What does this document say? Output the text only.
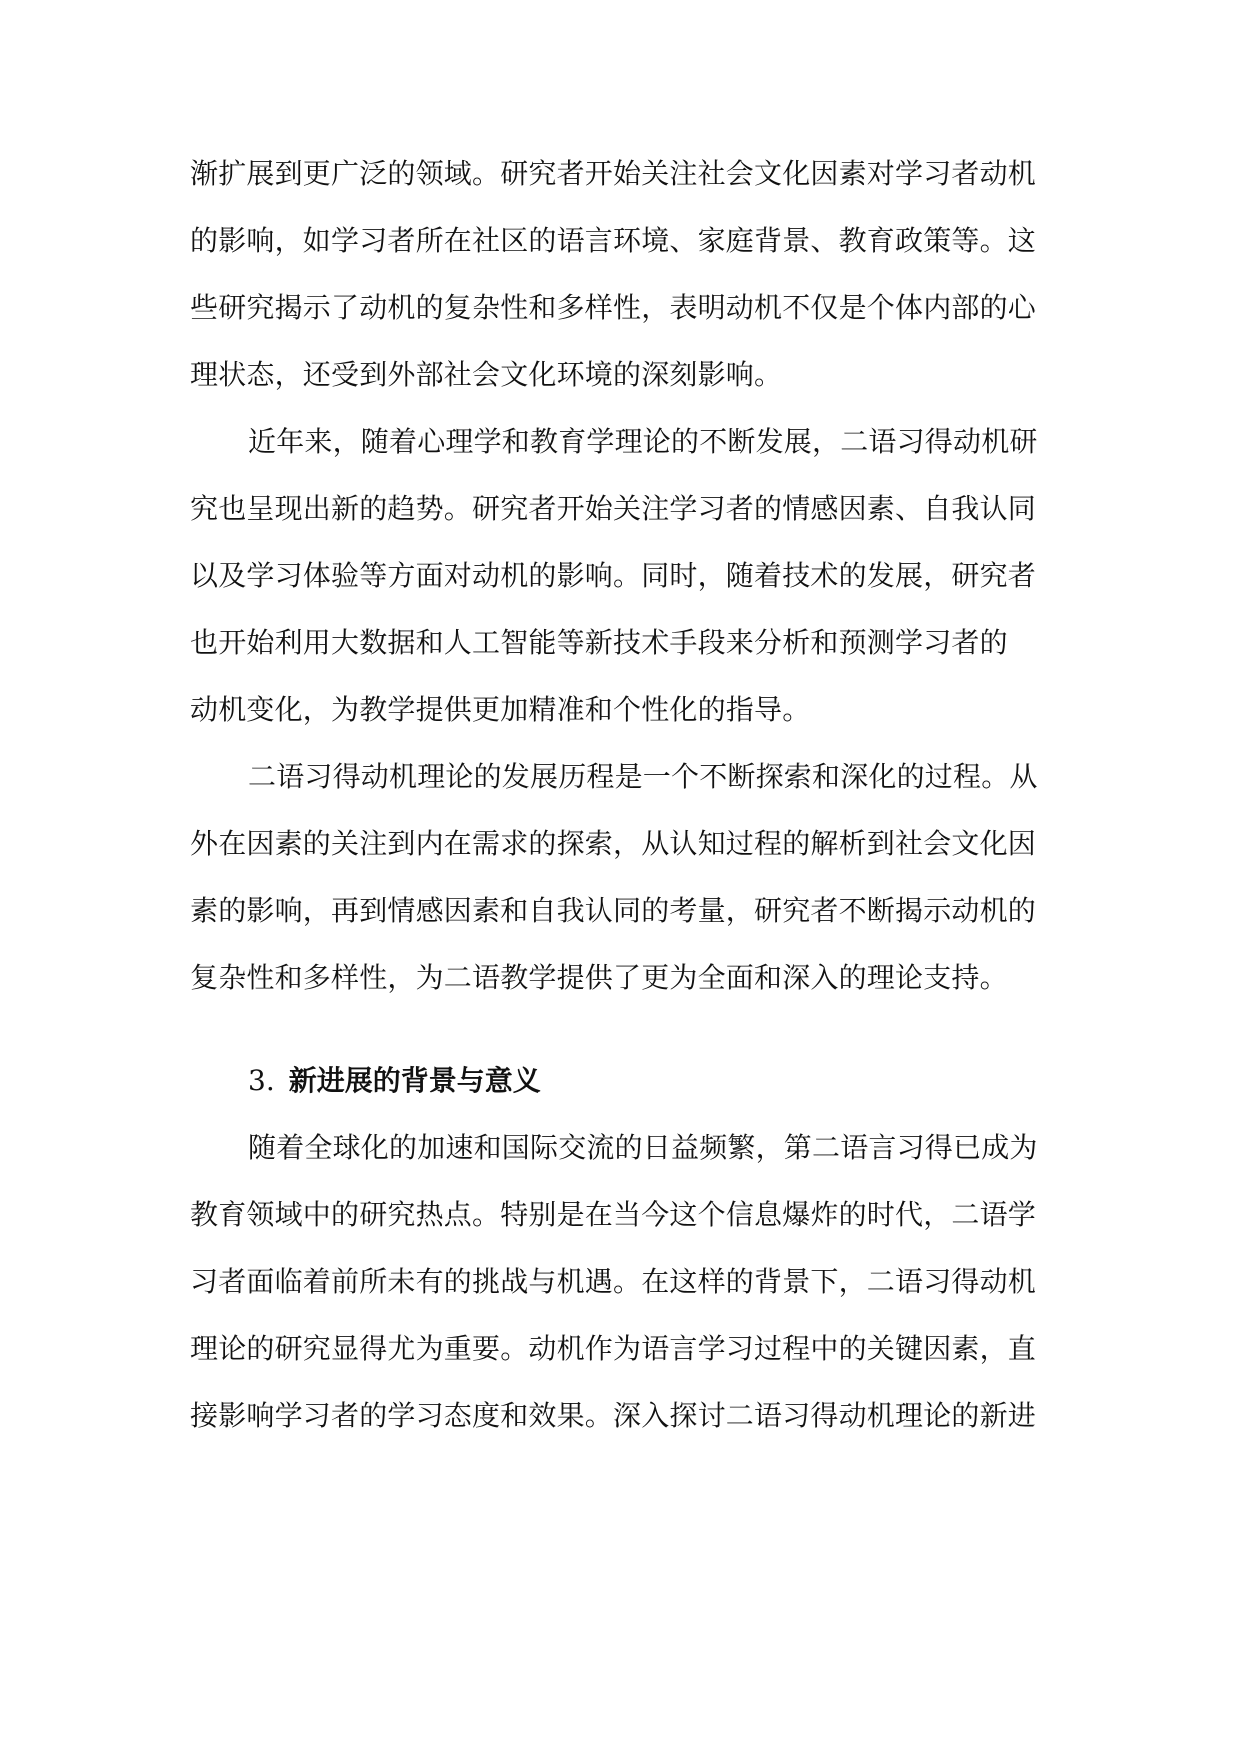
渐扩展到更广泛的领域。研究者开始关注社会文化因素对学习者动机
的影响，如学习者所在社区的语言环境、家庭背景、教育政策等。这
些研究揭示了动机的复杂性和多样性，表明动机不仅是个体内部的心
理状态，还受到外部社会文化环境的深刻影响。
近年来，随着心理学和教育学理论的不断发展，二语习得动机研
究也呈现出新的趋势。研究者开始关注学习者的情感因素、自我认同
以及学习体验等方面对动机的影响。同时，随着技术的发展，研究者
也开始利用大数据和人工智能等新技术手段来分析和预测学习者的
动机变化，为教学提供更加精准和个性化的指导。
二语习得动机理论的发展历程是一个不断探索和深化的过程。从
外在因素的关注到内在需求的探索，从认知过程的解析到社会文化因
素的影响，再到情感因素和自我认同的考量，研究者不断揭示动机的
复杂性和多样性，为二语教学提供了更为全面和深入的理论支持。
3. 新进展的背景与意义
随着全球化的加速和国际交流的日益频繁，第二语言习得已成为
教育领域中的研究热点。特别是在当今这个信息爆炸的时代，二语学
习者面临着前所未有的挑战与机遇。在这样的背景下，二语习得动机
理论的研究显得尤为重要。动机作为语言学习过程中的关键因素，直
接影响学习者的学习态度和效果。深入探讨二语习得动机理论的新进
